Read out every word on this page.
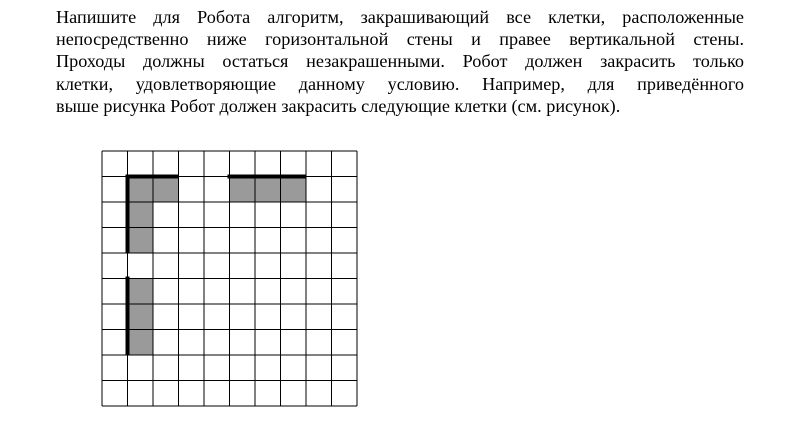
Напишите для Робота алгоритм, закрашивающий все клетки, расположенные
непосредственно ниже горизонтальной стены и правее вертикальной стены.
Проходы должны остаться незакрашенными. Робот должен закрасить только
клетки, удовлетворяющие данному условию. Например, для приведённого
выше рисунка Робот должен закрасить следующие клетки (см. рисунок).
